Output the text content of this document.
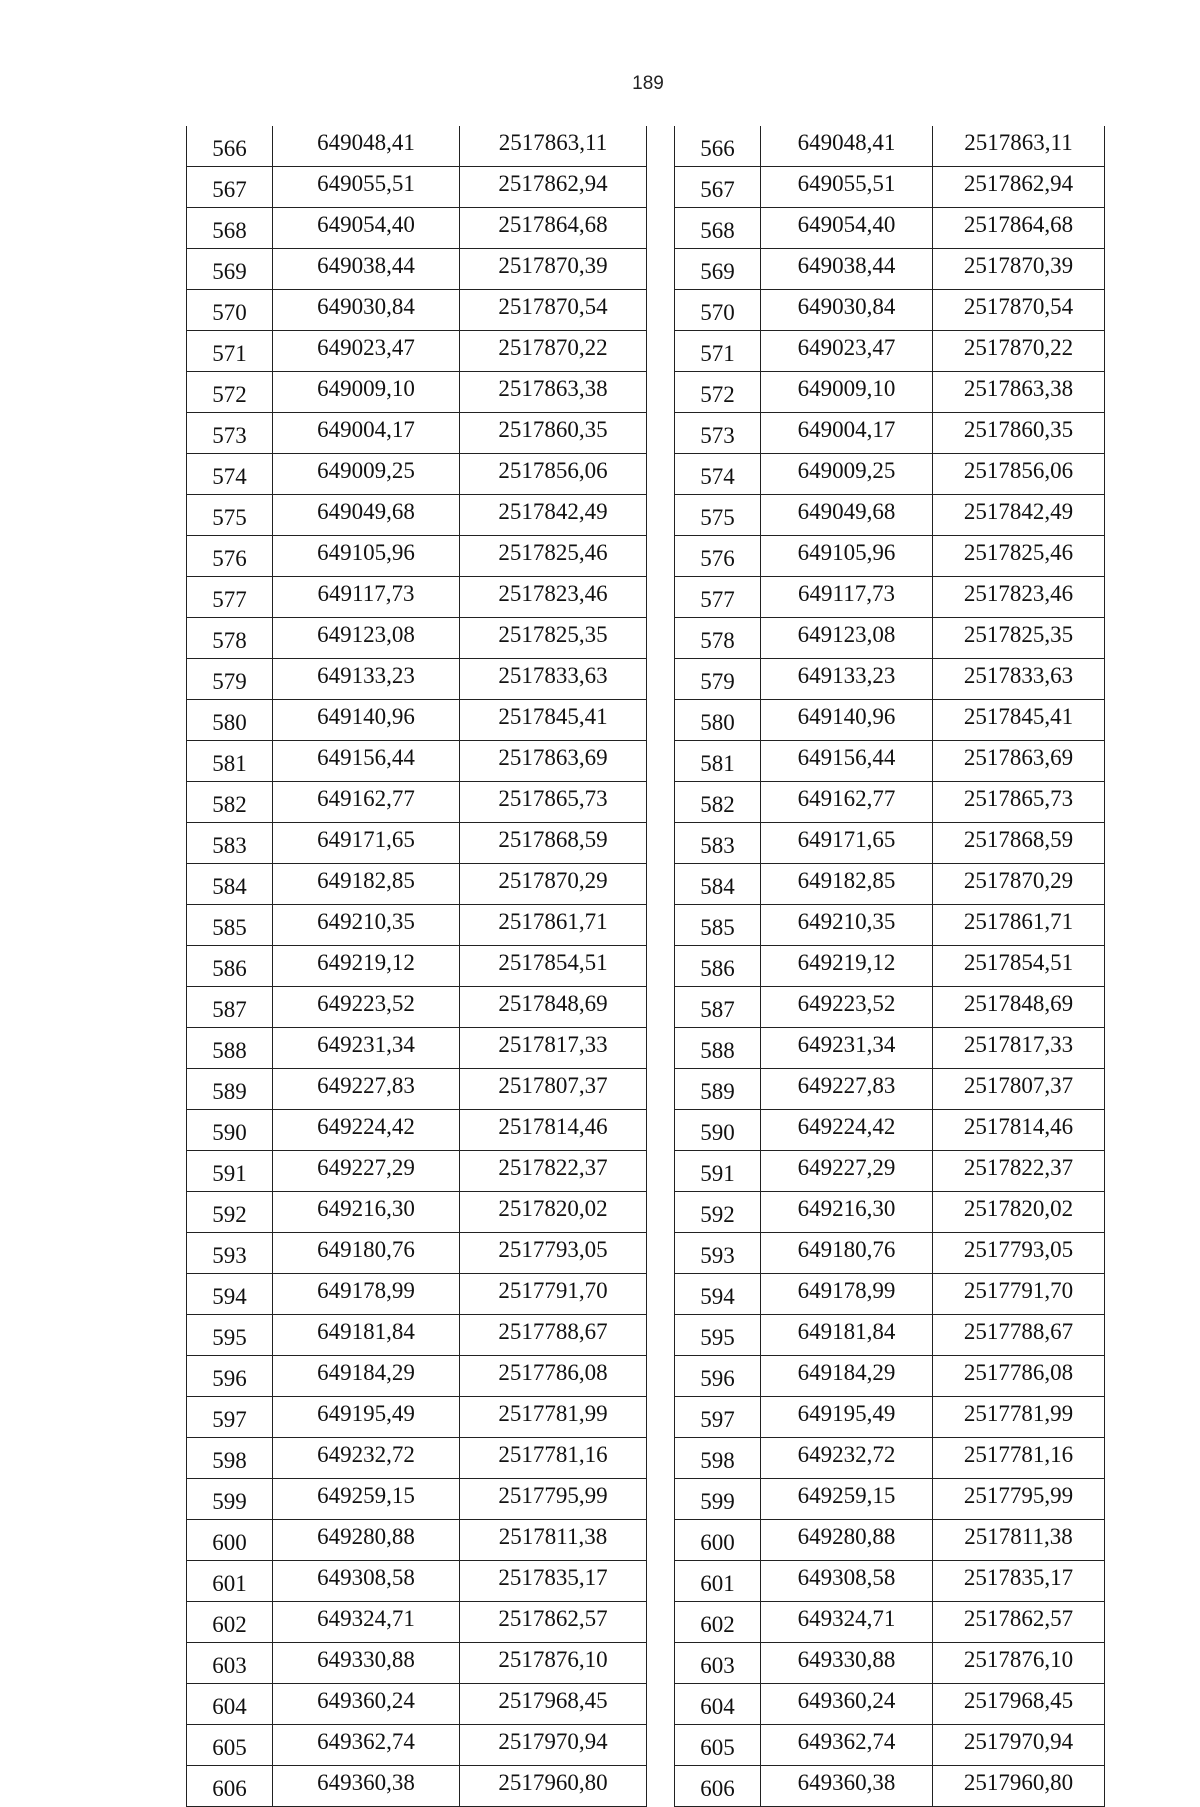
189
566	649048,41	2517863,11
567	649055,51	2517862,94
568	649054,40	2517864,68
569	649038,44	2517870,39
570	649030,84	2517870,54
571	649023,47	2517870,22
572	649009,10	2517863,38
573	649004,17	2517860,35
574	649009,25	2517856,06
575	649049,68	2517842,49
576	649105,96	2517825,46
577	649117,73	2517823,46
578	649123,08	2517825,35
579	649133,23	2517833,63
580	649140,96	2517845,41
581	649156,44	2517863,69
582	649162,77	2517865,73
583	649171,65	2517868,59
584	649182,85	2517870,29
585	649210,35	2517861,71
586	649219,12	2517854,51
587	649223,52	2517848,69
588	649231,34	2517817,33
589	649227,83	2517807,37
590	649224,42	2517814,46
591	649227,29	2517822,37
592	649216,30	2517820,02
593	649180,76	2517793,05
594	649178,99	2517791,70
595	649181,84	2517788,67
596	649184,29	2517786,08
597	649195,49	2517781,99
598	649232,72	2517781,16
599	649259,15	2517795,99
600	649280,88	2517811,38
601	649308,58	2517835,17
602	649324,71	2517862,57
603	649330,88	2517876,10
604	649360,24	2517968,45
605	649362,74	2517970,94
606	649360,38	2517960,80
566	649048,41	2517863,11
567	649055,51	2517862,94
568	649054,40	2517864,68
569	649038,44	2517870,39
570	649030,84	2517870,54
571	649023,47	2517870,22
572	649009,10	2517863,38
573	649004,17	2517860,35
574	649009,25	2517856,06
575	649049,68	2517842,49
576	649105,96	2517825,46
577	649117,73	2517823,46
578	649123,08	2517825,35
579	649133,23	2517833,63
580	649140,96	2517845,41
581	649156,44	2517863,69
582	649162,77	2517865,73
583	649171,65	2517868,59
584	649182,85	2517870,29
585	649210,35	2517861,71
586	649219,12	2517854,51
587	649223,52	2517848,69
588	649231,34	2517817,33
589	649227,83	2517807,37
590	649224,42	2517814,46
591	649227,29	2517822,37
592	649216,30	2517820,02
593	649180,76	2517793,05
594	649178,99	2517791,70
595	649181,84	2517788,67
596	649184,29	2517786,08
597	649195,49	2517781,99
598	649232,72	2517781,16
599	649259,15	2517795,99
600	649280,88	2517811,38
601	649308,58	2517835,17
602	649324,71	2517862,57
603	649330,88	2517876,10
604	649360,24	2517968,45
605	649362,74	2517970,94
606	649360,38	2517960,80
